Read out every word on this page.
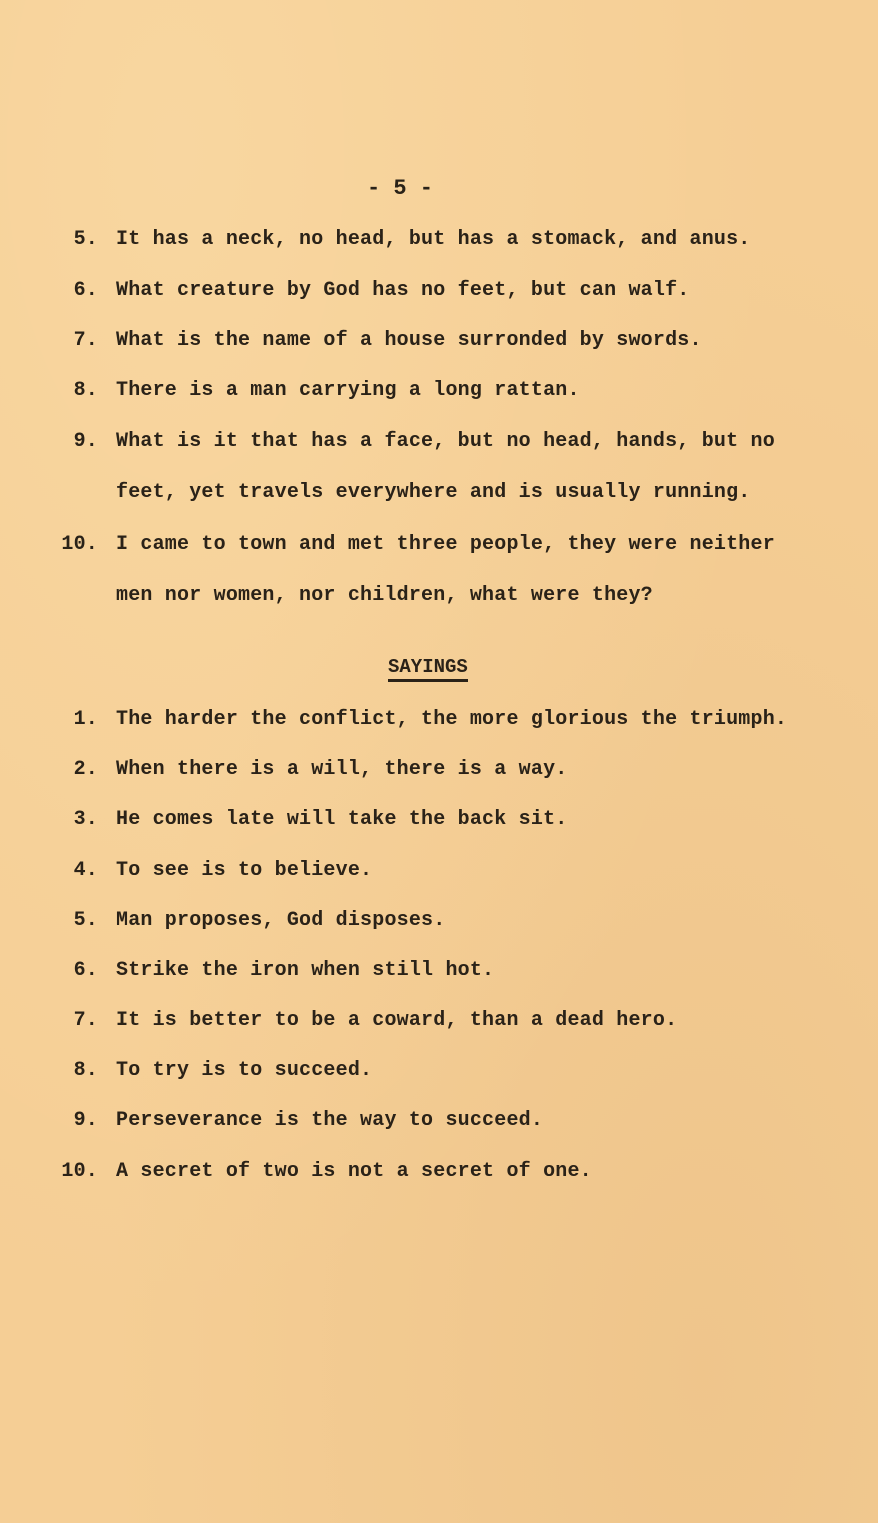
- 5 -
5. It has a neck, no head, but has a stomack, and anus.
6. What creature by God has no feet, but can walf.
7. What is the name of a house surronded by swords.
8. There is a man carrying a long rattan.
9. What is it that has a face, but no head, hands, but no
feet, yet travels everywhere and is usually running.
10. I came to town and met three people, they were neither
men nor women, nor children, what were they?
SAYINGS
1. The harder the conflict, the more glorious the triumph.
2. When there is a will, there is a way.
3. He comes late will take the back sit.
4. To see is to believe.
5. Man proposes, God disposes.
6. Strike the iron when still hot.
7. It is better to be a coward, than a dead hero.
8. To try is to succeed.
9. Perseverance is the way to succeed.
10. A secret of two is not a secret of one.
